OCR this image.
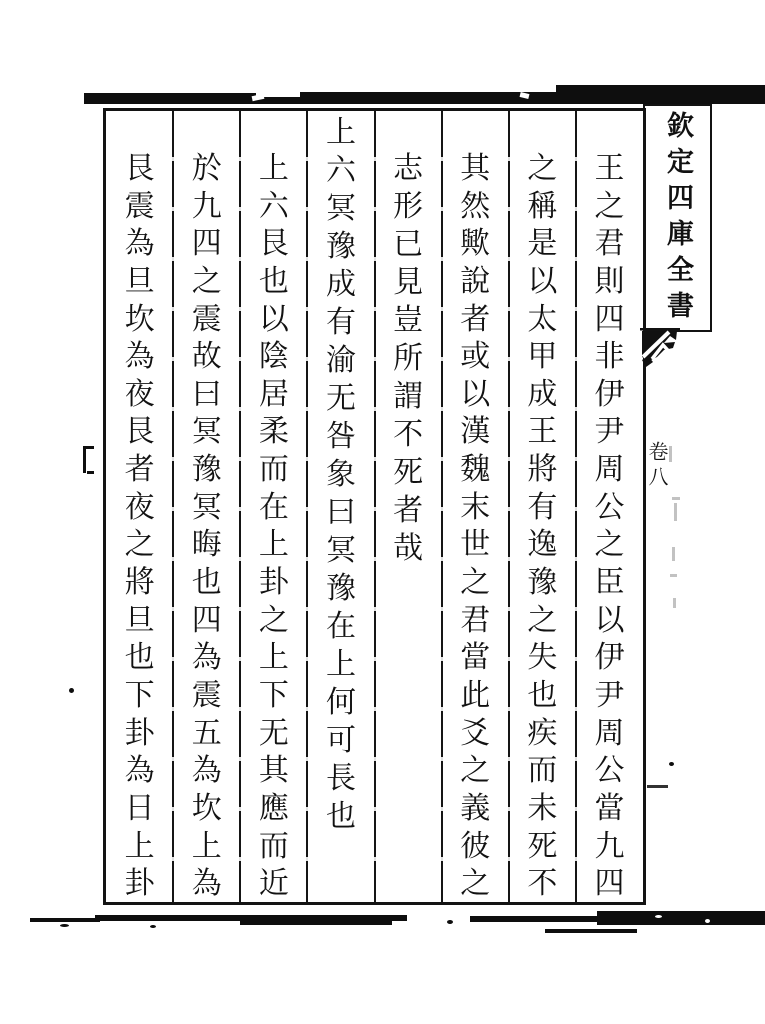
王
之
君
則
四
非
伊
尹
周
公
之
臣
以
伊
尹
周
公
當
九
四
之
稱
是
以
太
甲
成
王
將
有
逸
豫
之
失
也
疾
而
未
死
不
其
然
歟
說
者
或
以
漢
魏
末
世
之
君
當
此
爻
之
義
彼
之
志
形
已
見
豈
所
謂
不
死
者
哉
上
六
冥
豫
成
有
渝
无
咎
象
曰
冥
豫
在
上
何
可
長
也
上
六
艮
也
以
陰
居
柔
而
在
上
卦
之
上
下
无
其
應
而
近
於
九
四
之
震
故
曰
冥
豫
冥
晦
也
四
為
震
五
為
坎
上
為
艮
震
為
旦
坎
為
夜
艮
者
夜
之
將
旦
也
下
卦
為
日
上
卦
欽定四庫全書
卷八
